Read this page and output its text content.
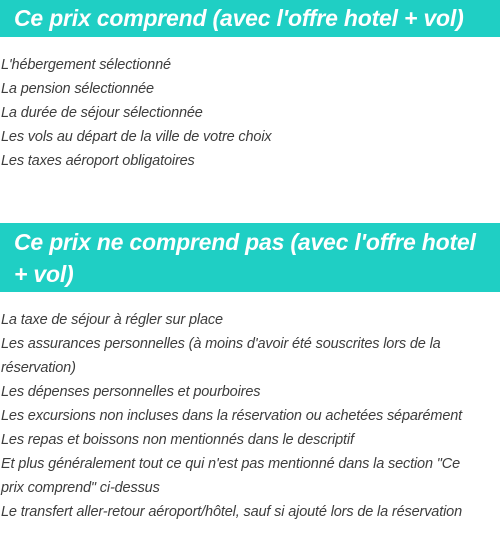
Ce prix comprend (avec l'offre hotel + vol)
L'hébergement sélectionné
La pension sélectionnée
La durée de séjour sélectionnée
Les vols au départ de la ville de votre choix
Les taxes aéroport obligatoires
Ce prix ne comprend pas (avec l'offre hotel + vol)
La taxe de séjour à régler sur place
Les assurances personnelles (à moins d'avoir été souscrites lors de la réservation)
Les dépenses personnelles et pourboires
Les excursions non incluses dans la réservation ou achetées séparément
Les repas et boissons non mentionnés dans le descriptif
Et plus généralement tout ce qui n'est pas mentionné dans la section "Ce prix comprend" ci-dessus
Le transfert aller-retour aéroport/hôtel, sauf si ajouté lors de la réservation
